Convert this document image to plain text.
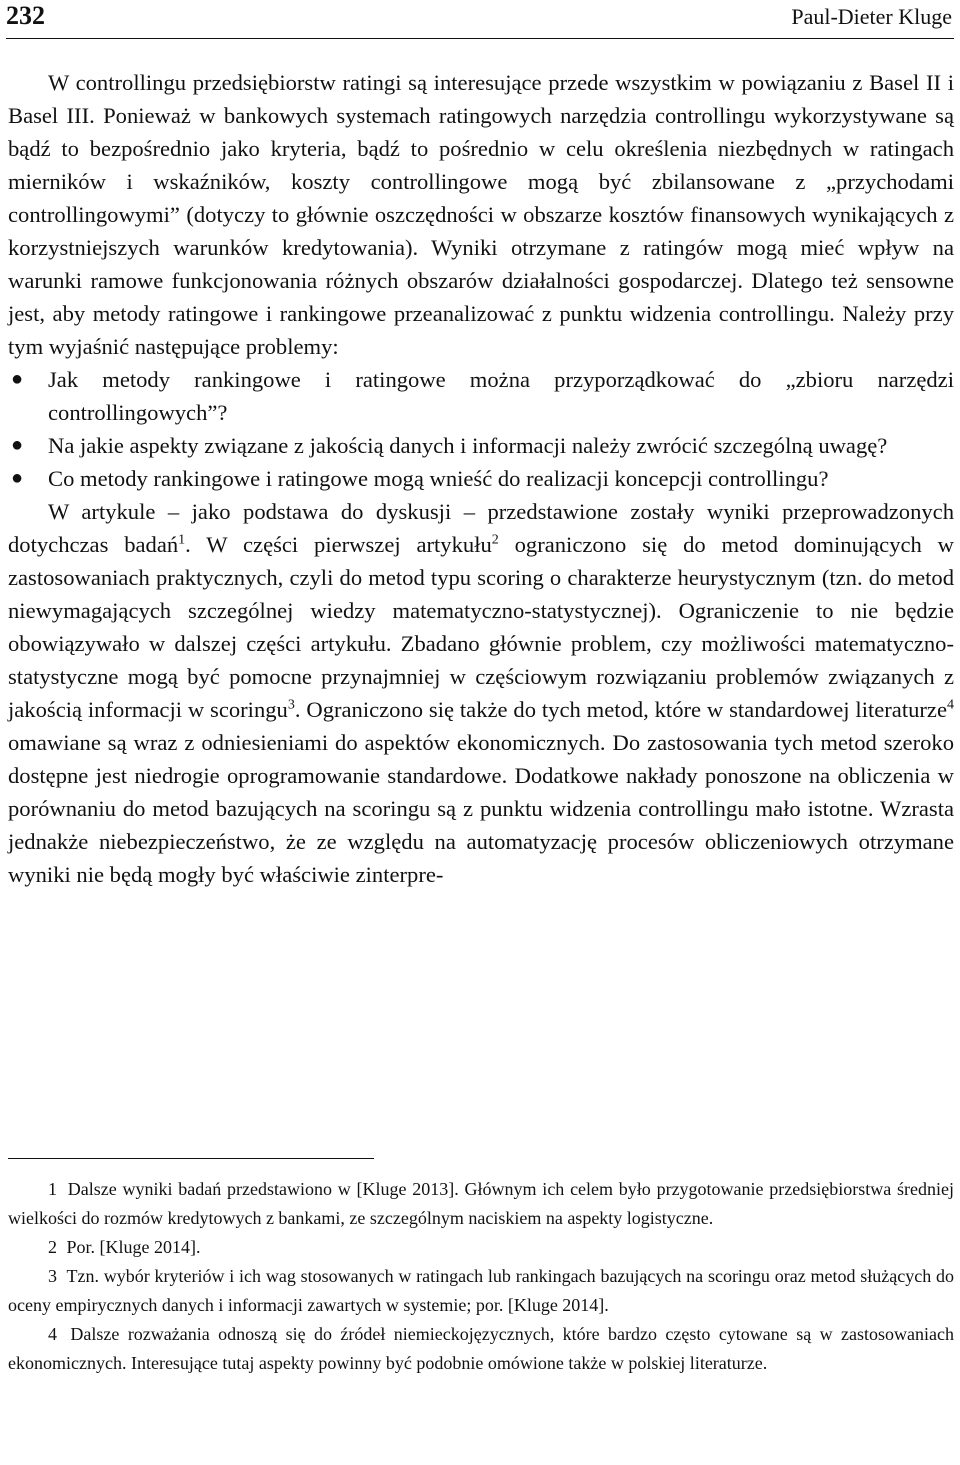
232	Paul-Dieter Kluge

W controllingu przedsiębiorstw ratingi są interesujące przede wszystkim w powiązaniu z Basel II i Basel III. Ponieważ w bankowych systemach ratingowych narzędzia controllingu wykorzystywane są bądź to bezpośrednio jako kryteria, bądź to pośrednio w celu określenia niezbędnych w ratingach mierników i wskaźników, koszty controllingowe mogą być zbilansowane z „przychodami controllingowymi” (dotyczy to głównie oszczędności w obszarze kosztów finansowych wynikających z korzystniejszych warunków kredytowania). Wyniki otrzymane z ratingów mogą mieć wpływ na warunki ramowe funkcjonowania różnych obszarów działalności gospodarczej. Dlatego też sensowne jest, aby metody ratingowe i rankingowe przeanalizować z punktu widzenia controllingu. Należy przy tym wyjaśnić następujące problemy:

● Jak metody rankingowe i ratingowe można przyporządkować do „zbioru narzędzi controllingowych”?
● Na jakie aspekty związane z jakością danych i informacji należy zwrócić szczególną uwagę?
● Co metody rankingowe i ratingowe mogą wnieść do realizacji koncepcji controllingu?

W artykule – jako podstawa do dyskusji – przedstawione zostały wyniki przeprowadzonych dotychczas badań$^1$. W części pierwszej artykułu$^2$ ograniczono się do metod dominujących w zastosowaniach praktycznych, czyli do metod typu scoring o charakterze heurystycznym (tzn. do metod niewymagających szczególnej wiedzy matematyczno-statystycznej). Ograniczenie to nie będzie obowiązywało w dalszej części artykułu. Zbadano głównie problem, czy możliwości matematyczno-statystyczne mogą być pomocne przynajmniej w częściowym rozwiązaniu problemów związanych z jakością informacji w scoringu$^3$. Ograniczono się także do tych metod, które w standardowej literaturze$^4$ omawiane są wraz z odniesieniami do aspektów ekonomicznych. Do zastosowania tych metod szeroko dostępne jest niedrogie oprogramowanie standardowe. Dodatkowe nakłady ponoszone na obliczenia w porównaniu do metod bazujących na scoringu są z punktu widzenia controllingu mało istotne. Wzrasta jednakże niebezpieczeństwo, że ze względu na automatyzację procesów obliczeniowych otrzymane wyniki nie będą mogły być właściwie zinterpre-

1 Dalsze wyniki badań przedstawiono w [Kluge 2013]. Głównym ich celem było przygotowanie przedsiębiorstwa średniej wielkości do rozmów kredytowych z bankami, ze szczególnym naciskiem na aspekty logistyczne.

2 Por. [Kluge 2014].

3 Tzn. wybór kryteriów i ich wag stosowanych w ratingach lub rankingach bazujących na scoringu oraz metod służących do oceny empirycznych danych i informacji zawartych w systemie; por. [Kluge 2014].

4 Dalsze rozważania odnoszą się do źródeł niemieckojęzycznych, które bardzo często cytowane są w zastosowaniach ekonomicznych. Interesujące tutaj aspekty powinny być podobnie omówione także w polskiej literaturze.
